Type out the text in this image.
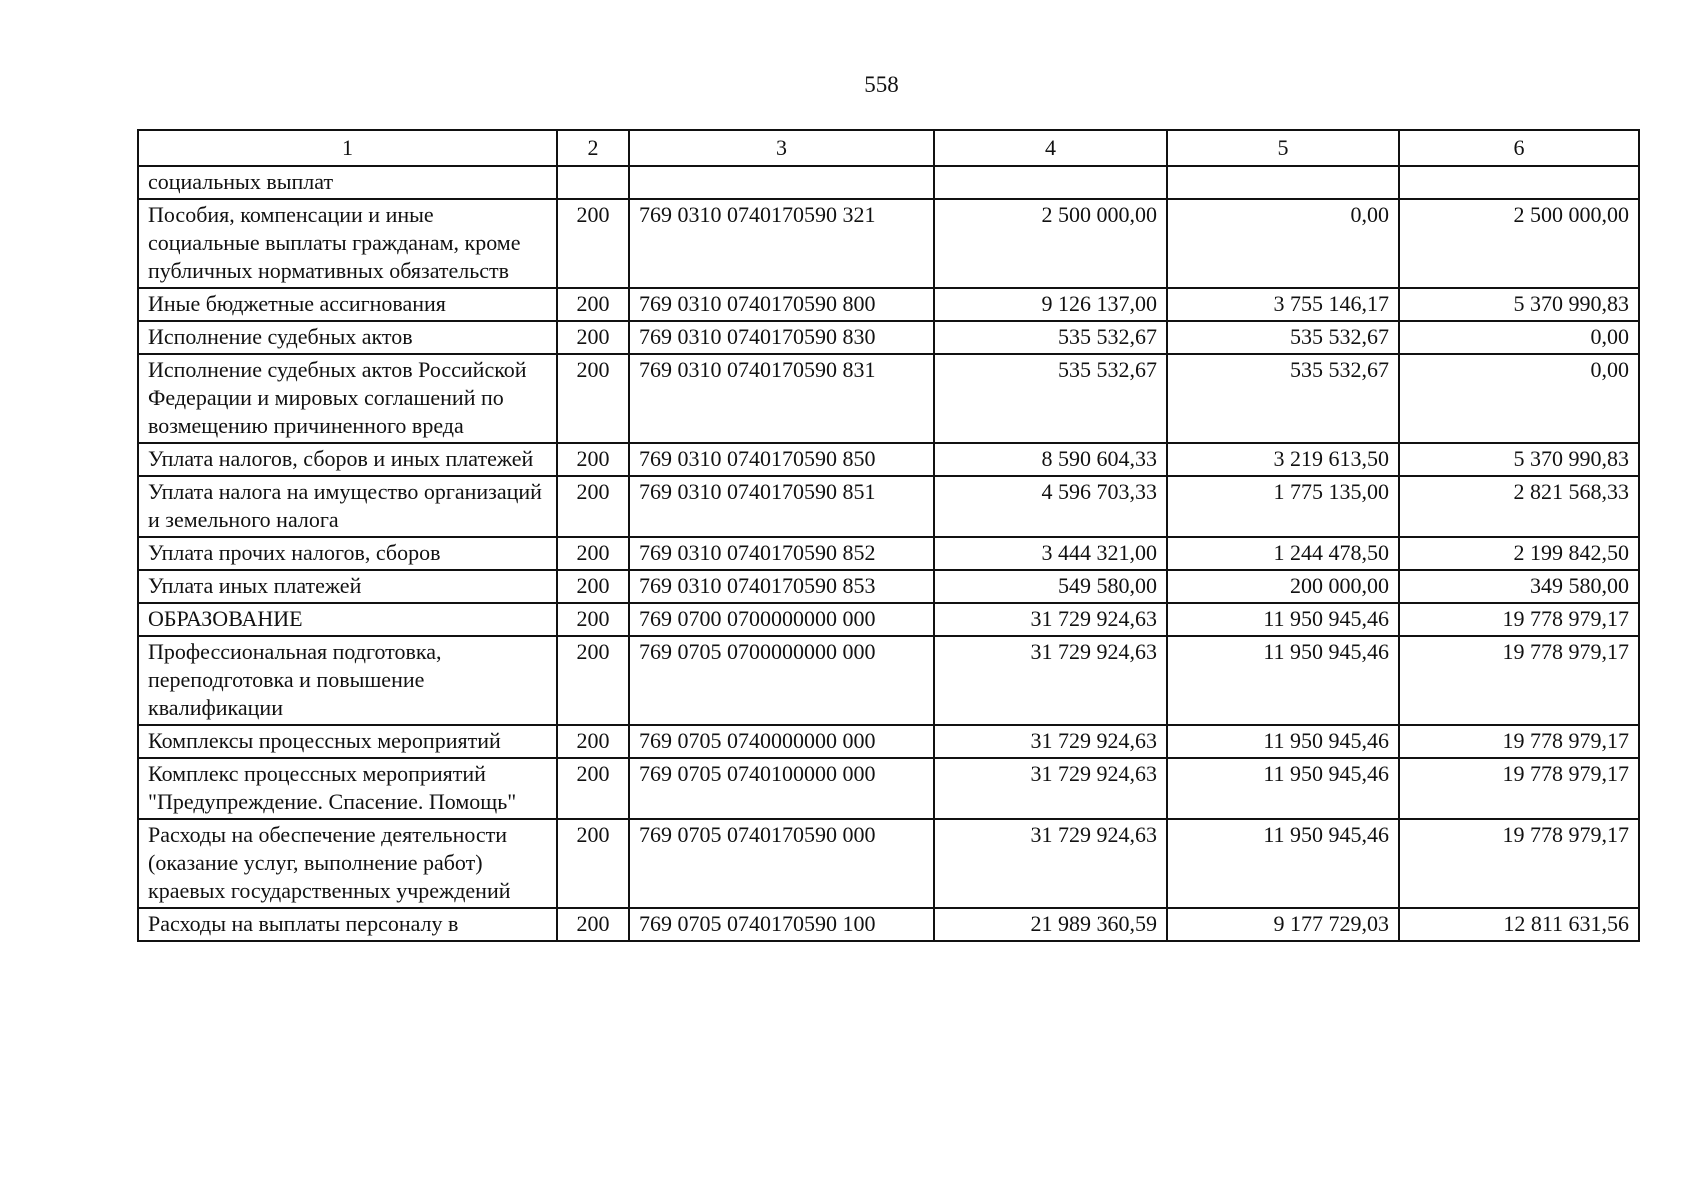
558
1	2	3	4	5	6
социальных выплат					
Пособия, компенсации и иные социальные выплаты гражданам, кроме публичных нормативных обязательств	200	769 0310 0740170590 321	2 500 000,00	0,00	2 500 000,00
Иные бюджетные ассигнования	200	769 0310 0740170590 800	9 126 137,00	3 755 146,17	5 370 990,83
Исполнение судебных актов	200	769 0310 0740170590 830	535 532,67	535 532,67	0,00
Исполнение судебных актов Российской Федерации и мировых соглашений по возмещению причиненного вреда	200	769 0310 0740170590 831	535 532,67	535 532,67	0,00
Уплата налогов, сборов и иных платежей	200	769 0310 0740170590 850	8 590 604,33	3 219 613,50	5 370 990,83
Уплата налога на имущество организаций и земельного налога	200	769 0310 0740170590 851	4 596 703,33	1 775 135,00	2 821 568,33
Уплата прочих налогов, сборов	200	769 0310 0740170590 852	3 444 321,00	1 244 478,50	2 199 842,50
Уплата иных платежей	200	769 0310 0740170590 853	549 580,00	200 000,00	349 580,00
ОБРАЗОВАНИЕ	200	769 0700 0700000000 000	31 729 924,63	11 950 945,46	19 778 979,17
Профессиональная подготовка, переподготовка и повышение квалификации	200	769 0705 0700000000 000	31 729 924,63	11 950 945,46	19 778 979,17
Комплексы процессных мероприятий	200	769 0705 0740000000 000	31 729 924,63	11 950 945,46	19 778 979,17
Комплекс процессных мероприятий "Предупреждение. Спасение. Помощь"	200	769 0705 0740100000 000	31 729 924,63	11 950 945,46	19 778 979,17
Расходы на обеспечение деятельности (оказание услуг, выполнение работ) краевых государственных учреждений	200	769 0705 0740170590 000	31 729 924,63	11 950 945,46	19 778 979,17
Расходы на выплаты персоналу в	200	769 0705 0740170590 100	21 989 360,59	9 177 729,03	12 811 631,56
